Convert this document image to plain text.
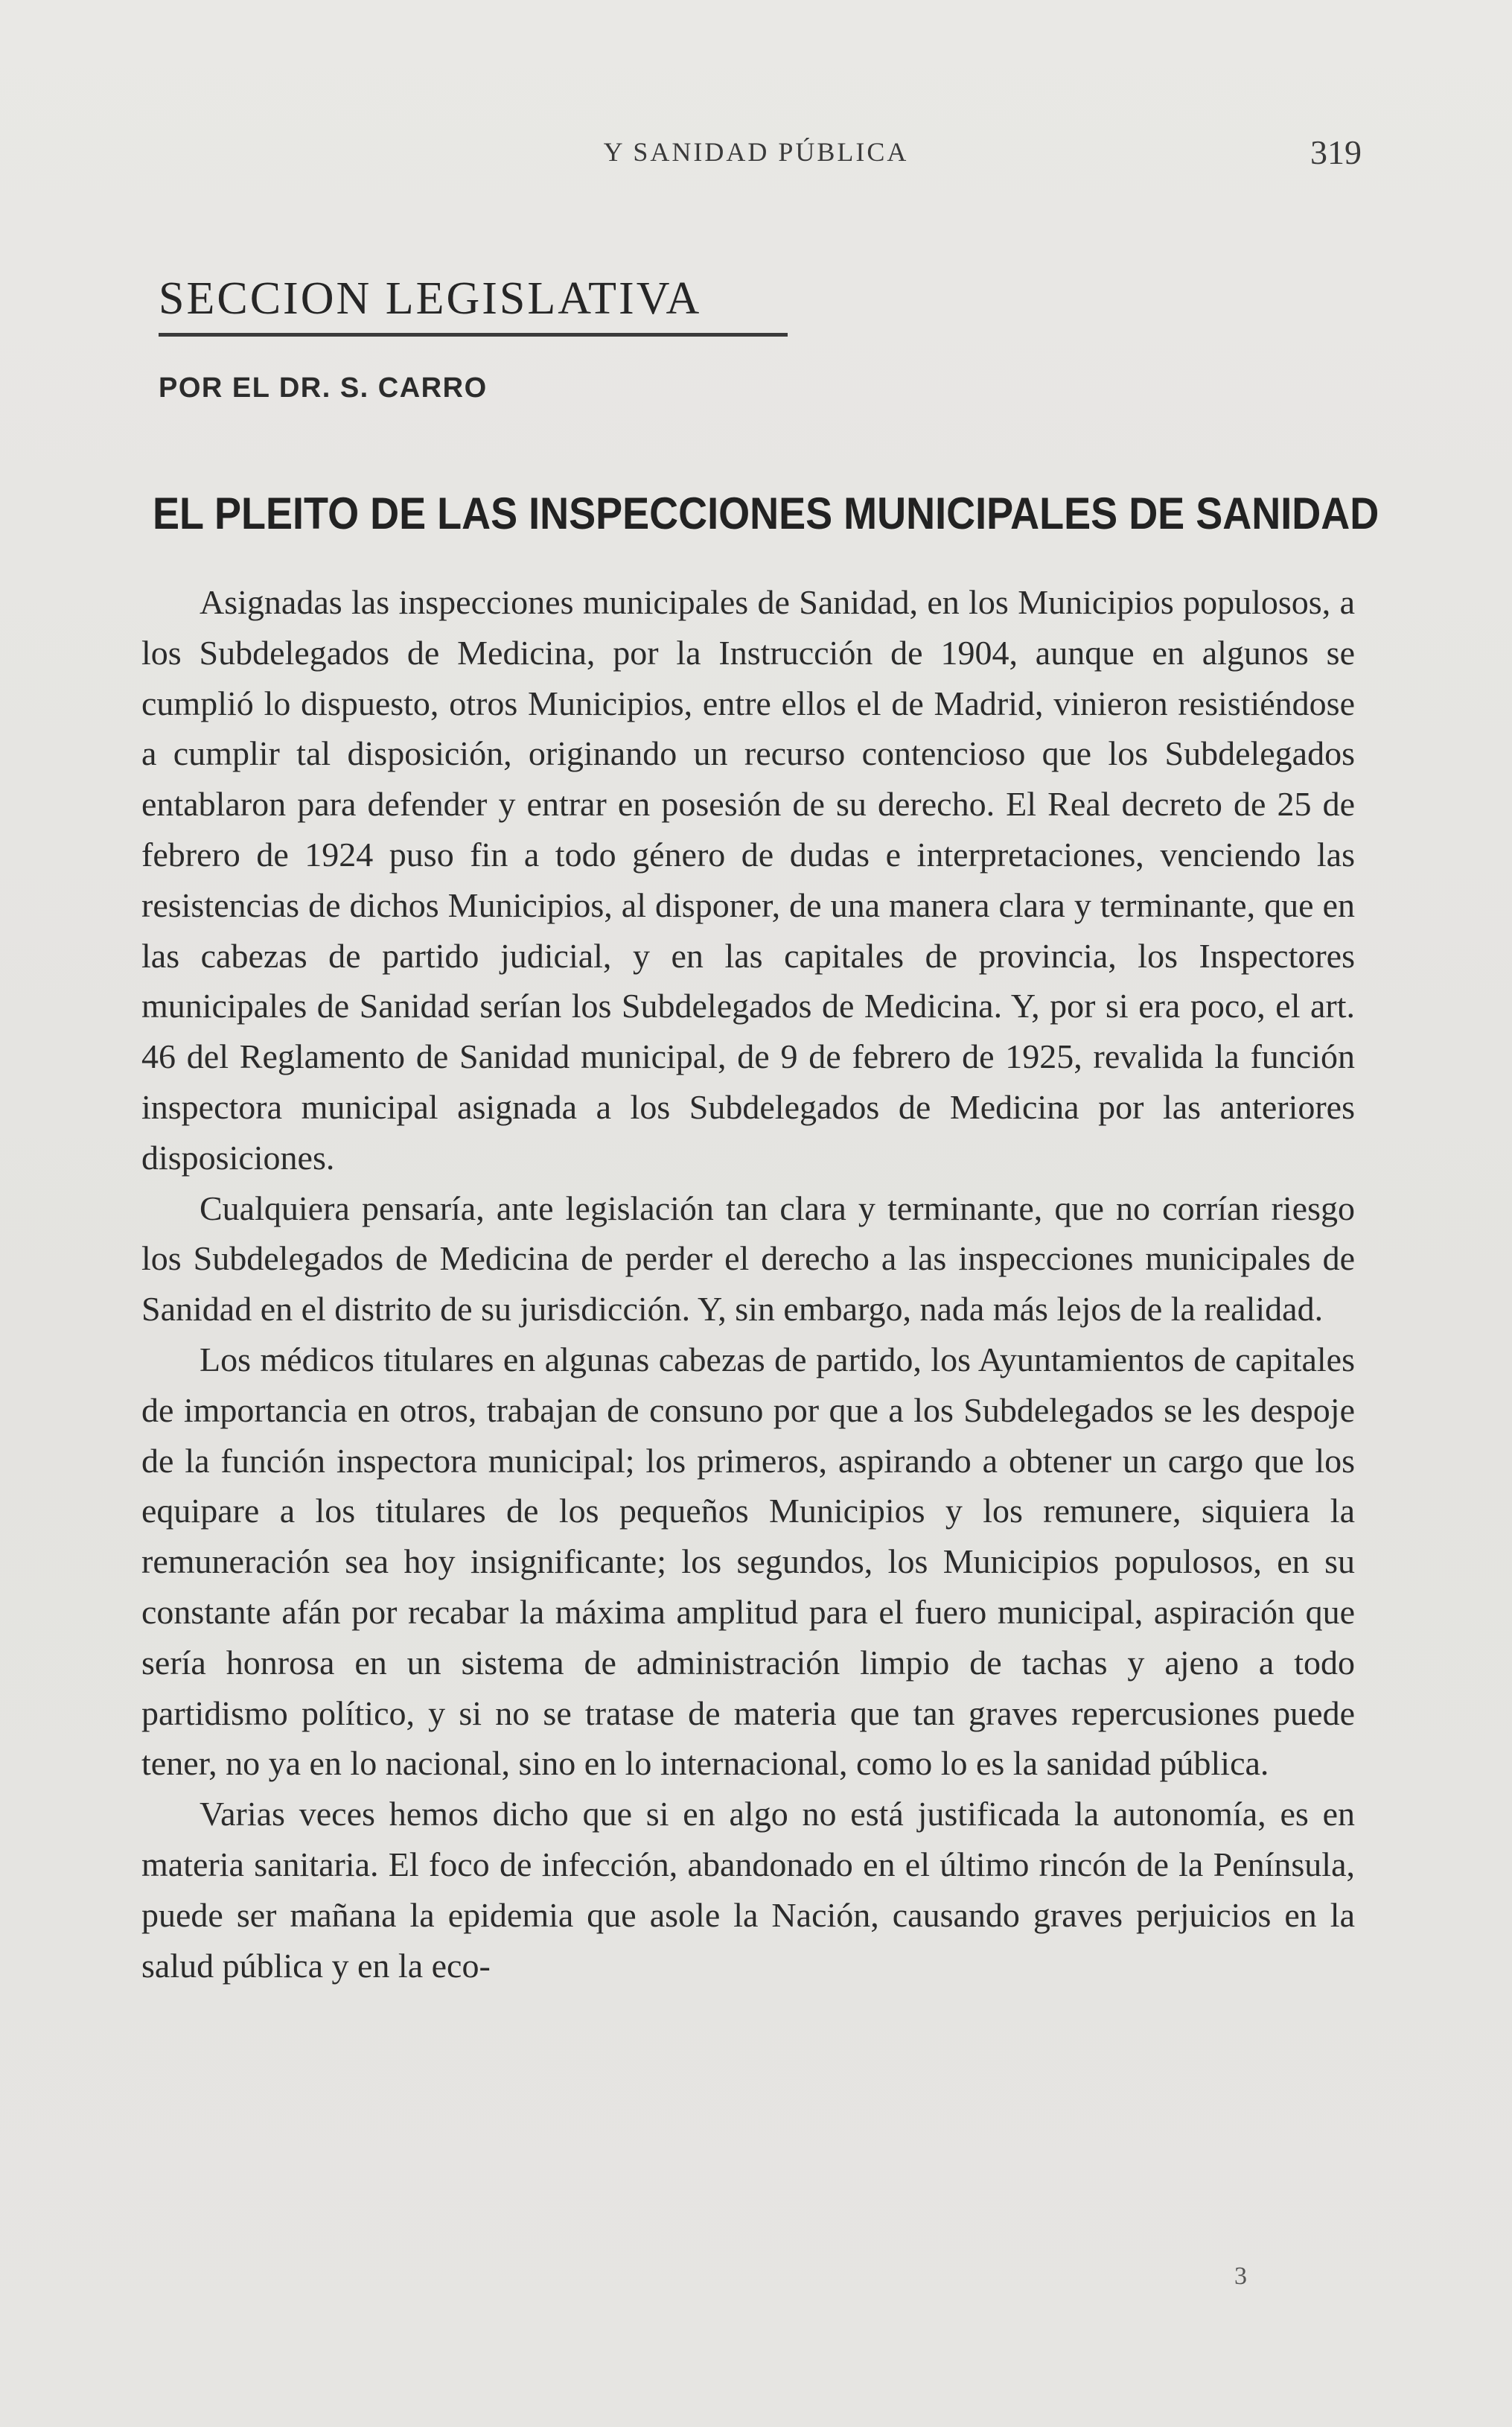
Y SANIDAD PÚBLICA	319
SECCION LEGISLATIVA
POR EL DR. S. CARRO
EL PLEITO DE LAS INSPECCIONES MUNICIPALES DE SANIDAD

Asignadas las inspecciones municipales de Sanidad, en los Municipios populosos, a los Subdelegados de Medicina, por la Instrucción de 1904, aunque en algunos se cumplió lo dispuesto, otros Municipios, entre ellos el de Madrid, vinieron resistiéndose a cumplir tal disposición, originando un recurso contencioso que los Subdelegados entablaron para defender y entrar en posesión de su derecho. El Real decreto de 25 de febrero de 1924 puso fin a todo género de dudas e interpretaciones, venciendo las resistencias de dichos Municipios, al disponer, de una manera clara y terminante, que en las cabezas de partido judicial, y en las capitales de provincia, los Inspectores municipales de Sanidad serían los Subdelegados de Medicina. Y, por si era poco, el art. 46 del Reglamento de Sanidad municipal, de 9 de febrero de 1925, revalida la función inspectora municipal asignada a los Subdelegados de Medicina por las anteriores disposiciones.

Cualquiera pensaría, ante legislación tan clara y terminante, que no corrían riesgo los Subdelegados de Medicina de perder el derecho a las inspecciones municipales de Sanidad en el distrito de su jurisdicción. Y, sin embargo, nada más lejos de la realidad.

Los médicos titulares en algunas cabezas de partido, los Ayuntamientos de capitales de importancia en otros, trabajan de consuno por que a los Subdelegados se les despoje de la función inspectora municipal; los primeros, aspirando a obtener un cargo que los equipare a los titulares de los pequeños Municipios y los remunere, siquiera la remuneración sea hoy insignificante; los segundos, los Municipios populosos, en su constante afán por recabar la máxima amplitud para el fuero municipal, aspiración que sería honrosa en un sistema de administración limpio de tachas y ajeno a todo partidismo político, y si no se tratase de materia que tan graves repercusiones puede tener, no ya en lo nacional, sino en lo internacional, como lo es la sanidad pública.

Varias veces hemos dicho que si en algo no está justificada la autonomía, es en materia sanitaria. El foco de infección, abandonado en el último rincón de la Península, puede ser mañana la epidemia que asole la Nación, causando graves perjuicios en la salud pública y en la eco-

3
